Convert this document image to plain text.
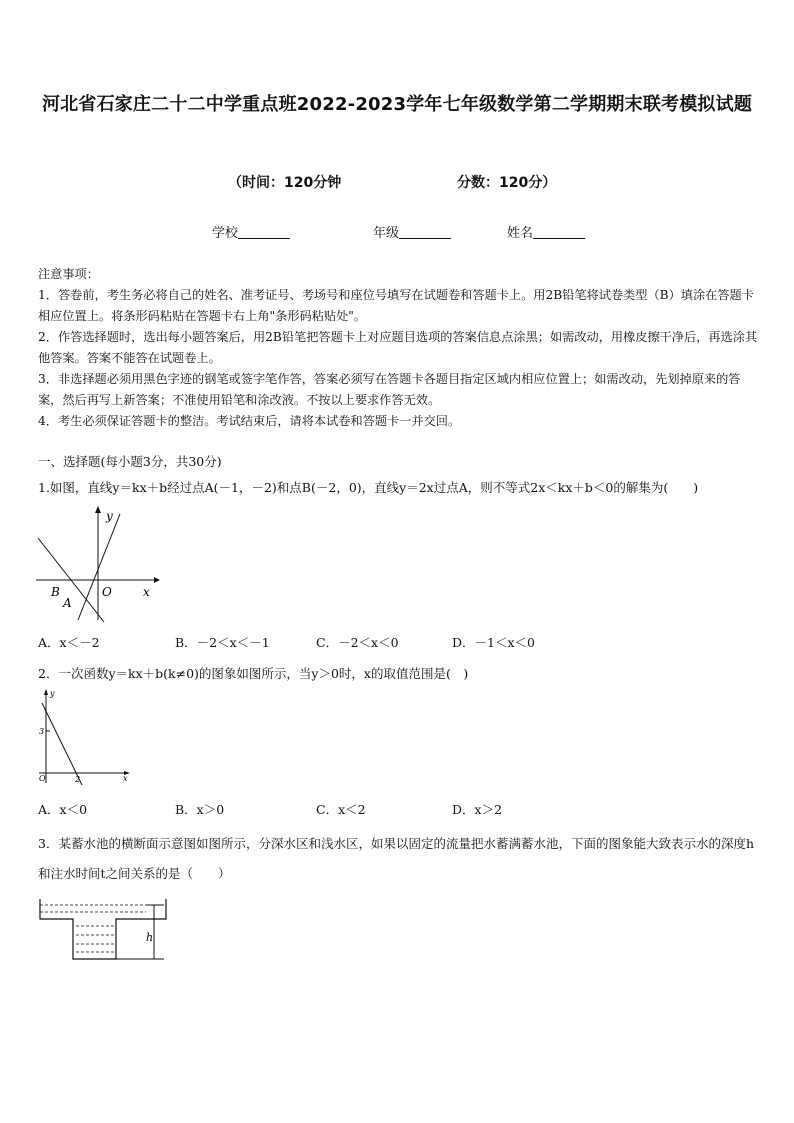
河北省石家庄二十二中学重点班2022-2023学年七年级数学第二学期期末联考模拟试题
（时间：120分钟	分数：120分）
学校	年级	姓名

注意事项：

1．答卷前，考生务必将自己的姓名、准考证号、考场号和座位号填写在试题卷和答题卡上。用2B铅笔将试卷类型（B）填涂在答题卡相应位置上。将条形码粘贴在答题卡右上角"条形码粘贴处"。

2．作答选择题时，选出每小题答案后，用2B铅笔把答题卡上对应题目选项的答案信息点涂黑；如需改动，用橡皮擦干净后，再选涂其他答案。答案不能答在试题卷上。

3．非选择题必须用黑色字迹的钢笔或签字笔作答，答案必须写在答题卡各题目指定区域内相应位置上；如需改动，先划掉原来的答案，然后再写上新答案；不准使用铅笔和涂改液。不按以上要求作答无效。

4．考生必须保证答题卡的整洁。考试结束后，请将本试卷和答题卡一并交回。

一、选择题(每小题3分，共30分)
1.如图，直线y＝kx＋b经过点A(－1，－2)和点B(－2，0)，直线y＝2x过点A，则不等式2x＜kx＋b＜0的解集为(　　)
y
x
O
B
A
A．x＜－2	B．－2＜x＜－1	C．－2＜x＜0	D．－1＜x＜0
2．一次函数y＝kx＋b(k≠0)的图象如图所示，当y＞0时，x的取值范围是(　)
y
x
O
3
2
A．x＜0	B．x＞0	C．x＜2	D．x＞2
3．某蓄水池的横断面示意图如图所示，分深水区和浅水区，如果以固定的流量把水蓄满蓄水池，下面的图象能大致表示水的深度h和注水时间t之间关系的是（　　）
h
